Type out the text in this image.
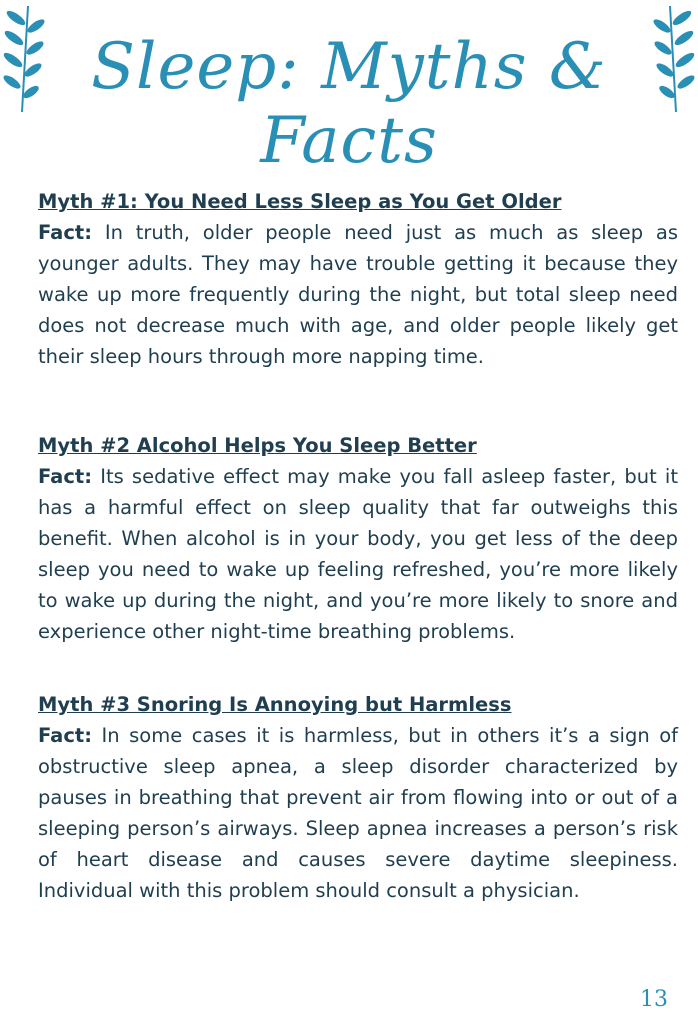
Sleep: Myths & Facts
Myth #1: You Need Less Sleep as You Get Older

Fact: In truth, older people need just as much as sleep as younger adults. They may have trouble getting it because they wake up more frequently during the night, but total sleep need does not decrease much with age, and older people likely get their sleep hours through more napping time.

Myth #2 Alcohol Helps You Sleep Better

Fact: Its sedative effect may make you fall asleep faster, but it has a harmful effect on sleep quality that far outweighs this benefit. When alcohol is in your body, you get less of the deep sleep you need to wake up feeling refreshed, you’re more likely to wake up during the night, and you’re more likely to snore and experience other night-time breathing problems.

Myth #3 Snoring Is Annoying but Harmless

Fact: In some cases it is harmless, but in others it’s a sign of obstructive sleep apnea, a sleep disorder characterized by pauses in breathing that prevent air from flowing into or out of a sleeping person’s airways. Sleep apnea increases a person’s risk of heart disease and causes severe daytime sleepiness. Individual with this problem should consult a physician.

13
